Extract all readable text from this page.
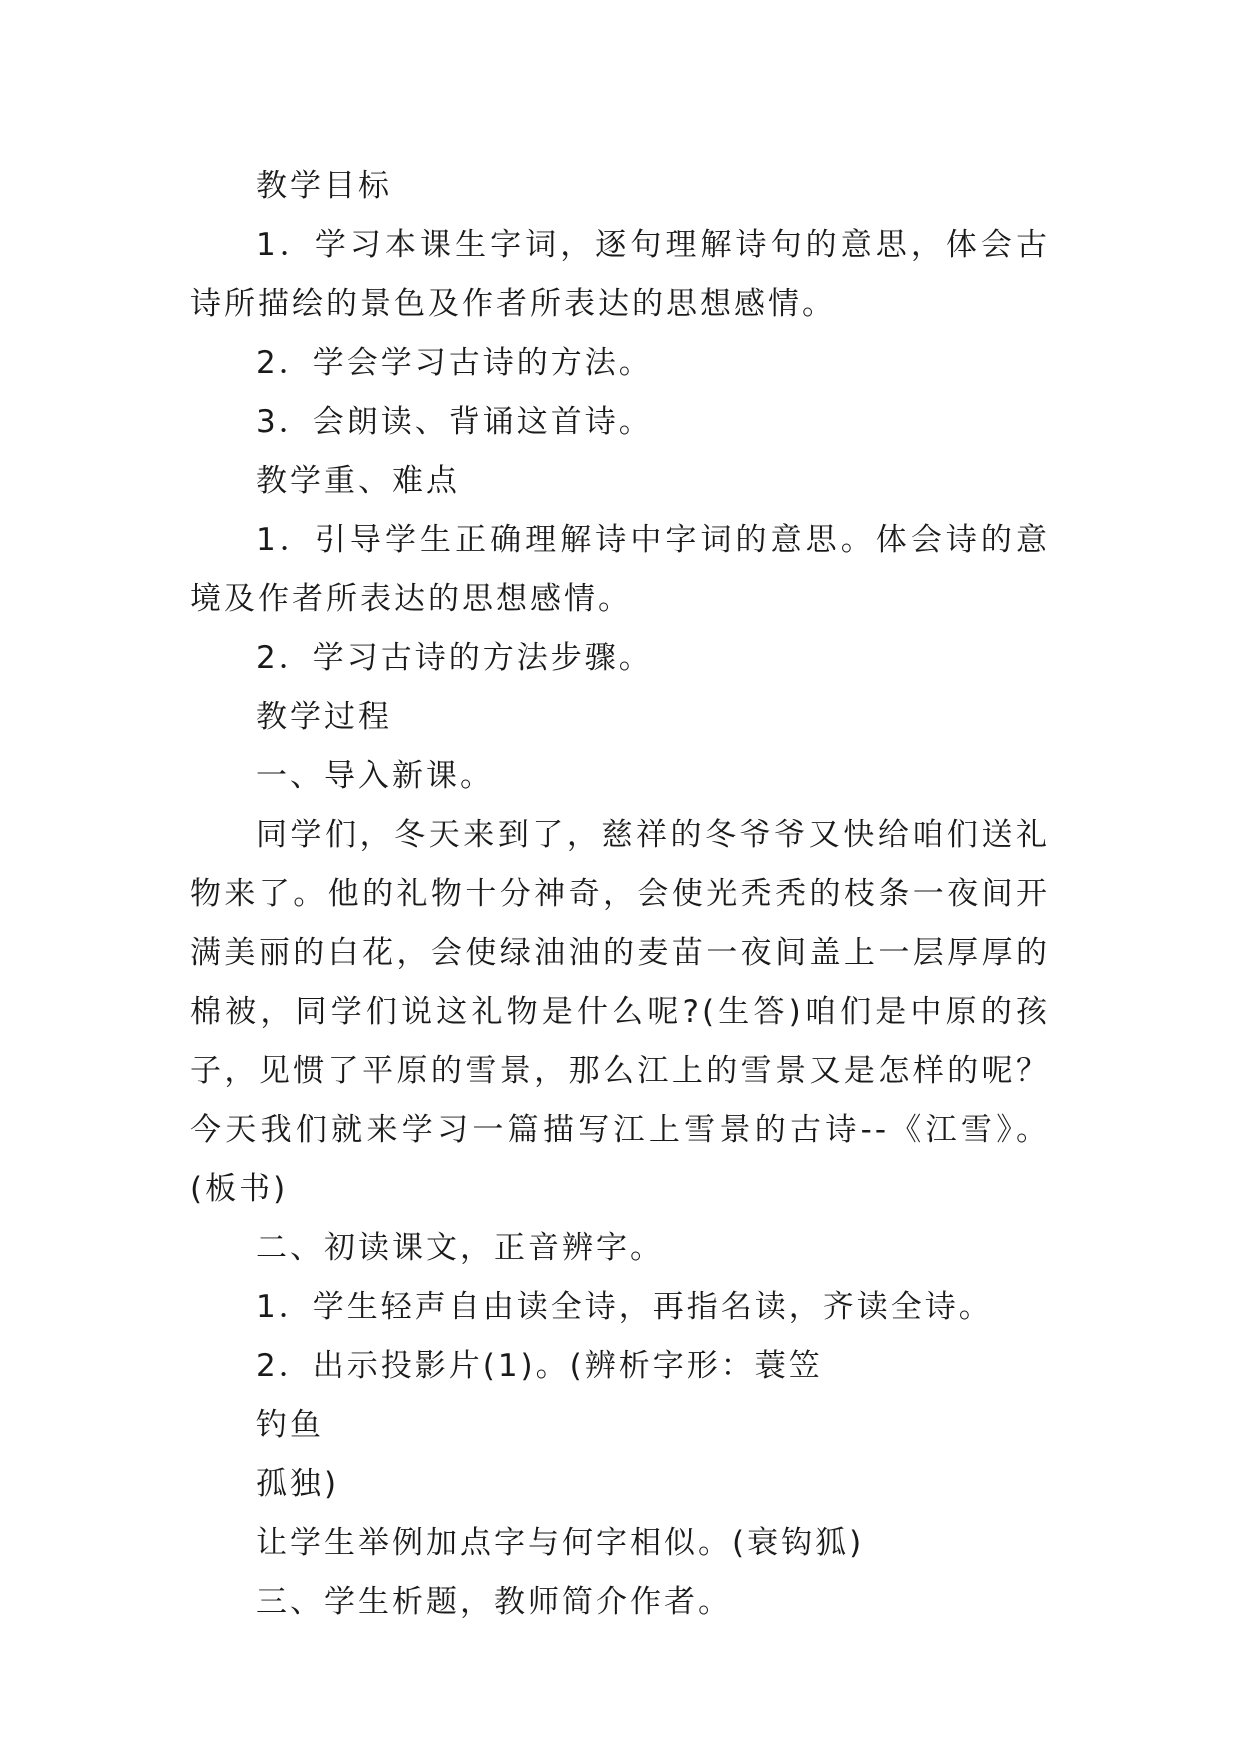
教学目标

1．学习本课生字词，逐句理解诗句的意思，体会古诗所描绘的景色及作者所表达的思想感情。

2．学会学习古诗的方法。

3．会朗读、背诵这首诗。

教学重、难点

1．引导学生正确理解诗中字词的意思。体会诗的意境及作者所表达的思想感情。

2．学习古诗的方法步骤。

教学过程

一、导入新课。

同学们，冬天来到了，慈祥的冬爷爷又快给咱们送礼物来了。他的礼物十分神奇，会使光秃秃的枝条一夜间开满美丽的白花，会使绿油油的麦苗一夜间盖上一层厚厚的棉被，同学们说这礼物是什么呢?(生答)咱们是中原的孩子，见惯了平原的雪景，那么江上的雪景又是怎样的呢？今天我们就来学习一篇描写江上雪景的古诗--《江雪》。(板书)

二、初读课文，正音辨字。

1．学生轻声自由读全诗，再指名读，齐读全诗。

2．出示投影片(1)。(辨析字形：蓑笠

钓鱼

孤独)

让学生举例加点字与何字相似。(衰钩狐)

三、学生析题，教师简介作者。
